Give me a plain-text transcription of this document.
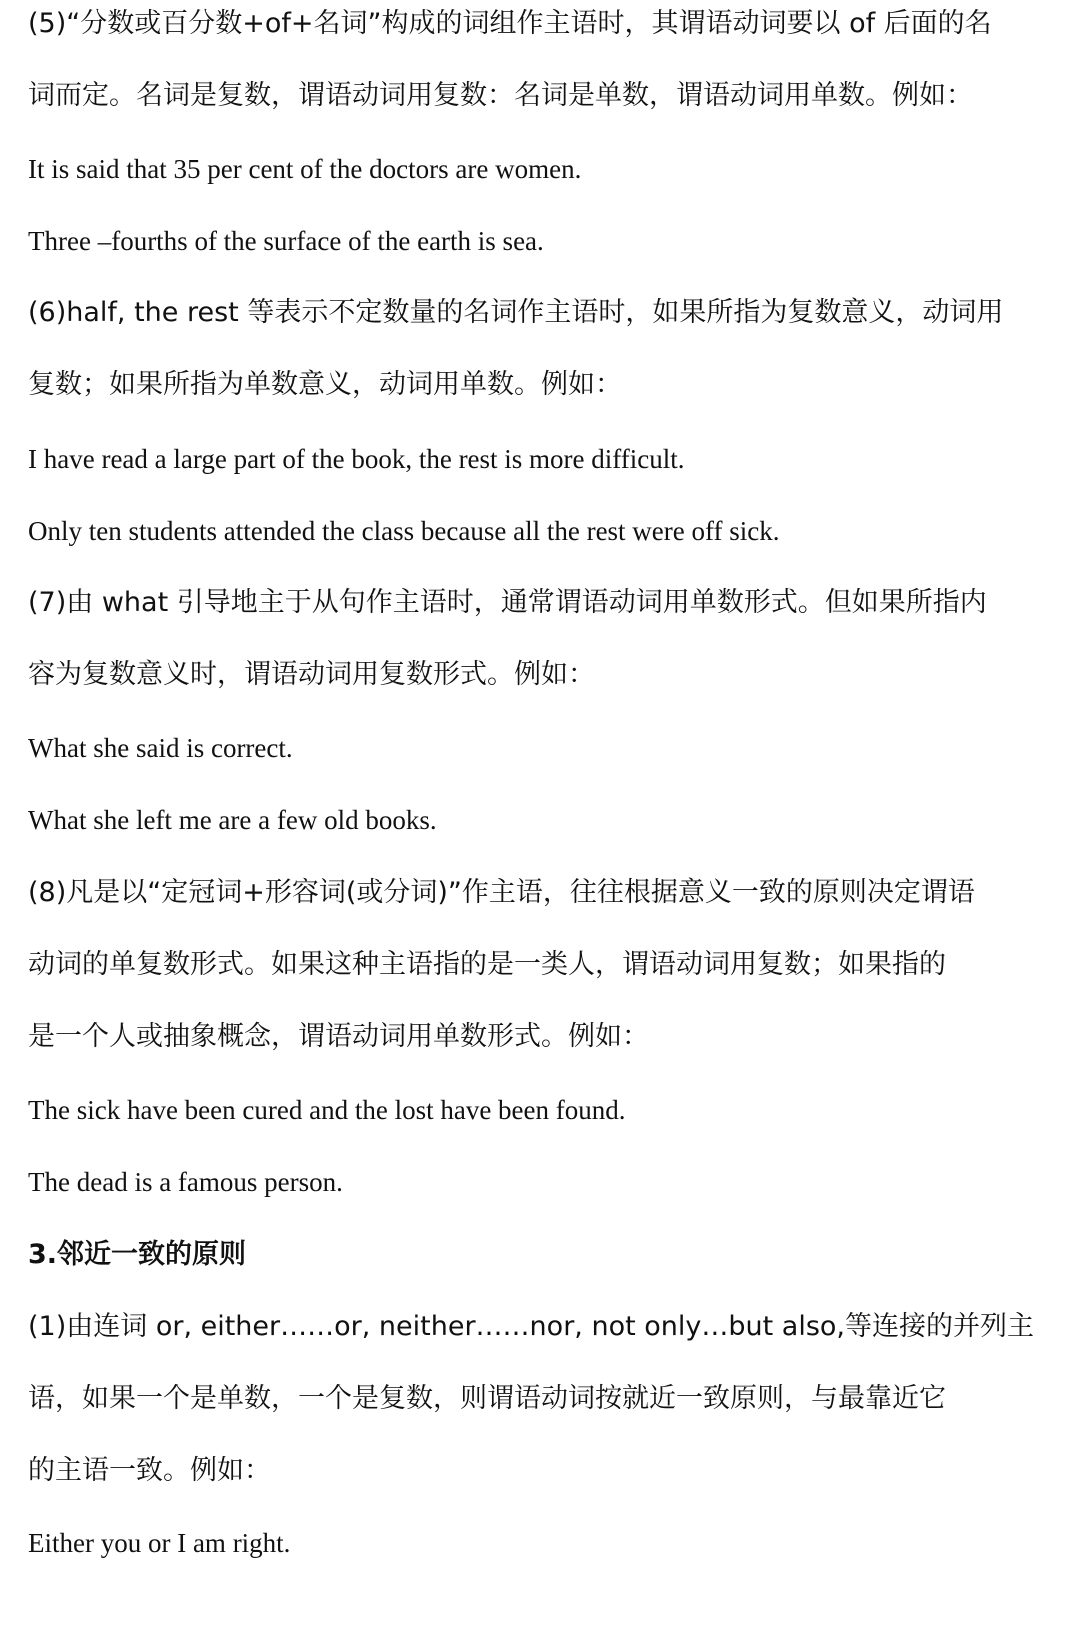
(5)“分数或百分数+of+名词”构成的词组作主语时，其谓语动词要以 of 后面的名
词而定。名词是复数，谓语动词用复数：名词是单数，谓语动词用单数。例如：
It is said that 35 per cent of the doctors are women.
Three –fourths of the surface of the earth is sea.
(6)half, the rest 等表示不定数量的名词作主语时，如果所指为复数意义，动词用
复数；如果所指为单数意义，动词用单数。例如：
I have read a large part of the book, the rest is more difficult.
Only ten students attended the class because all the rest were off sick.
(7)由 what 引导地主于从句作主语时，通常谓语动词用单数形式。但如果所指内
容为复数意义时，谓语动词用复数形式。例如：
What she said is correct.
What she left me are a few old books.
(8)凡是以“定冠词+形容词(或分词)”作主语，往往根据意义一致的原则决定谓语
动词的单复数形式。如果这种主语指的是一类人，谓语动词用复数；如果指的
是一个人或抽象概念，谓语动词用单数形式。例如：
The sick have been cured and the lost have been found.
The dead is a famous person.
3.邻近一致的原则
(1)由连词 or, either……or, neither……nor, not only…but also,等连接的并列主
语，如果一个是单数，一个是复数，则谓语动词按就近一致原则，与最靠近它
的主语一致。例如：
Either you or I am right.
